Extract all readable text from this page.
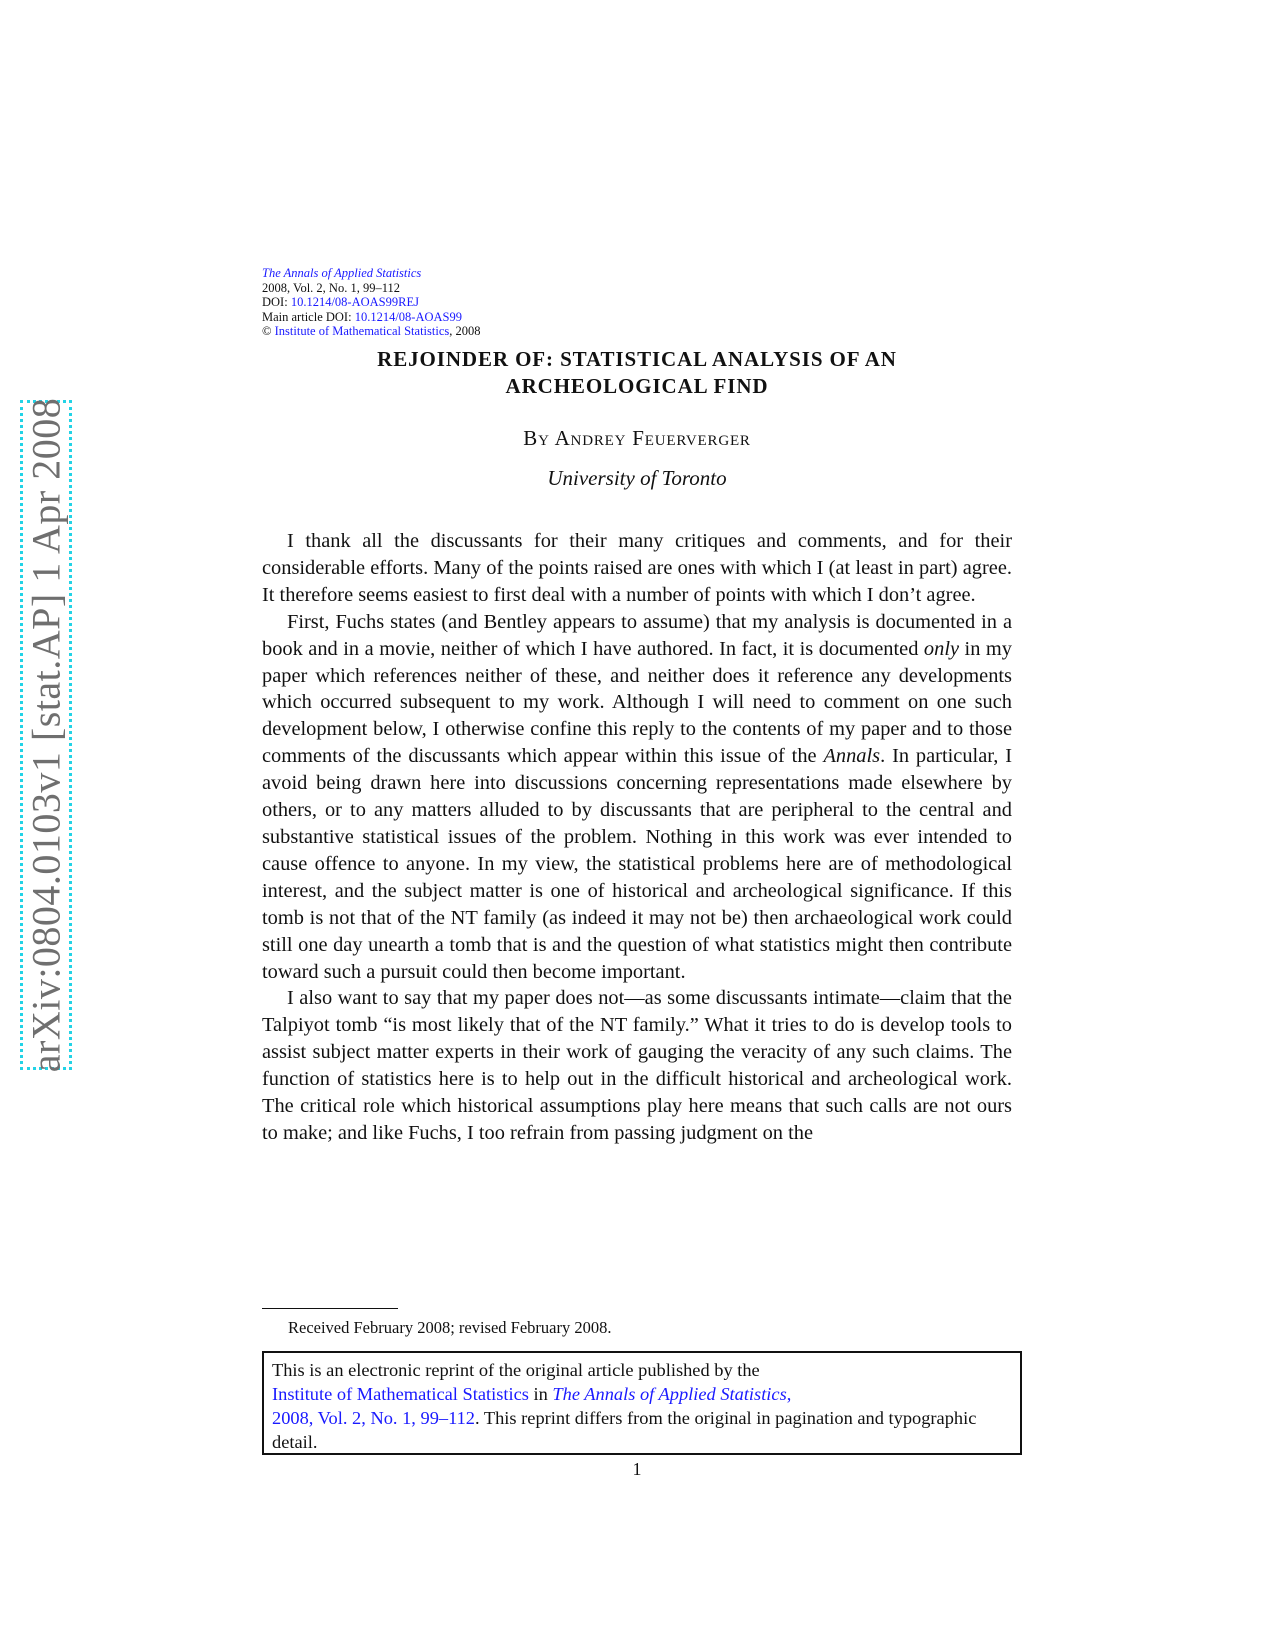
arXiv:0804.0103v1 [stat.AP] 1 Apr 2008
The Annals of Applied Statistics
2008, Vol. 2, No. 1, 99–112
DOI: 10.1214/08-AOAS99REJ
Main article DOI: 10.1214/08-AOAS99
© Institute of Mathematical Statistics, 2008
REJOINDER OF: STATISTICAL ANALYSIS OF AN
ARCHEOLOGICAL FIND
By Andrey Feuerverger
University of Toronto

I thank all the discussants for their many critiques and comments, and for their considerable efforts. Many of the points raised are ones with which I (at least in part) agree. It therefore seems easiest to first deal with a number of points with which I don’t agree.

First, Fuchs states (and Bentley appears to assume) that my analysis is documented in a book and in a movie, neither of which I have authored. In fact, it is documented only in my paper which references neither of these, and neither does it reference any developments which occurred subsequent to my work. Although I will need to comment on one such development below, I otherwise confine this reply to the contents of my paper and to those comments of the discussants which appear within this issue of the Annals. In particular, I avoid being drawn here into discussions concerning representations made elsewhere by others, or to any matters alluded to by discussants that are peripheral to the central and substantive statistical issues of the problem. Nothing in this work was ever intended to cause offence to anyone. In my view, the statistical problems here are of methodological interest, and the subject matter is one of historical and archeological significance. If this tomb is not that of the NT family (as indeed it may not be) then archaeological work could still one day unearth a tomb that is and the question of what statistics might then contribute toward such a pursuit could then become important.

I also want to say that my paper does not—as some discussants intimate—claim that the Talpiyot tomb “is most likely that of the NT family.” What it tries to do is develop tools to assist subject matter experts in their work of gauging the veracity of any such claims. The function of statistics here is to help out in the difficult historical and archeological work. The critical role which historical assumptions play here means that such calls are not ours to make; and like Fuchs, I too refrain from passing judgment on the

Received February 2008; revised February 2008.
This is an electronic reprint of the original article published by the
Institute of Mathematical Statistics in The Annals of Applied Statistics,
2008, Vol. 2, No. 1, 99–112. This reprint differs from the original in pagination and typographic detail.
1
